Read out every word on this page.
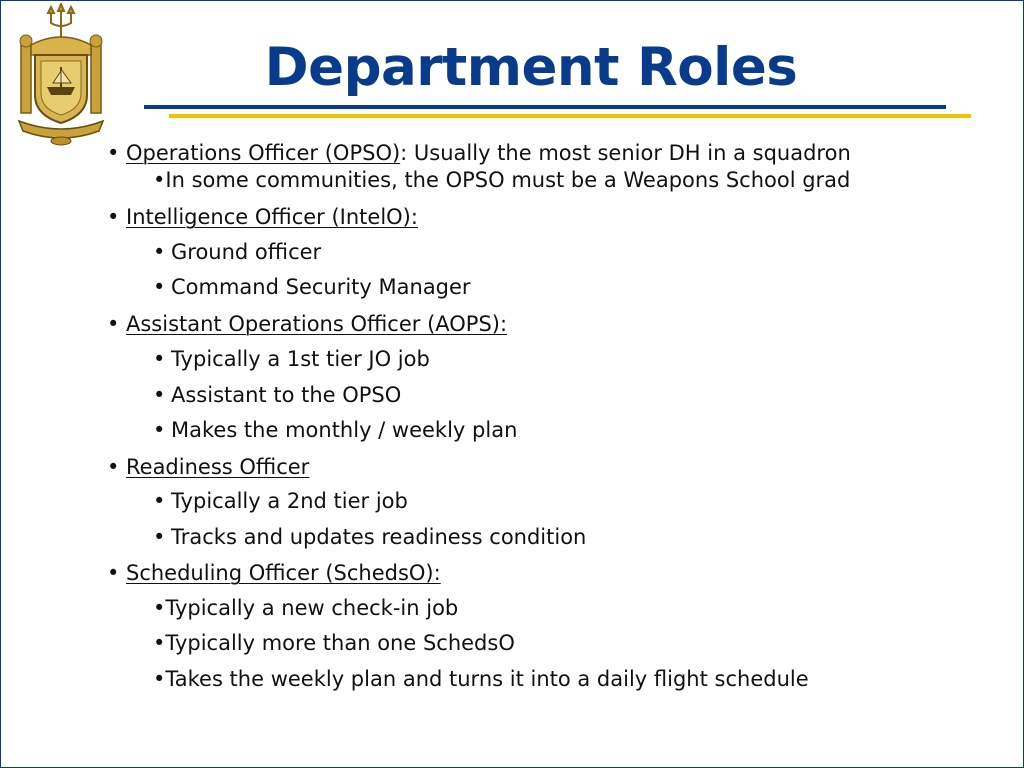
Department Roles
• Operations Officer (OPSO): Usually the most senior DH in a squadron
•In some communities, the OPSO must be a Weapons School grad
• Intelligence Officer (IntelO):
• Ground officer
• Command Security Manager
• Assistant Operations Officer (AOPS):
• Typically a 1st tier JO job
• Assistant to the OPSO
• Makes the monthly / weekly plan
• Readiness Officer
• Typically a 2nd tier job
• Tracks and updates readiness condition
• Scheduling Officer (SchedsO):
•Typically a new check-in job
•Typically more than one SchedsO
•Takes the weekly plan and turns it into a daily flight schedule
